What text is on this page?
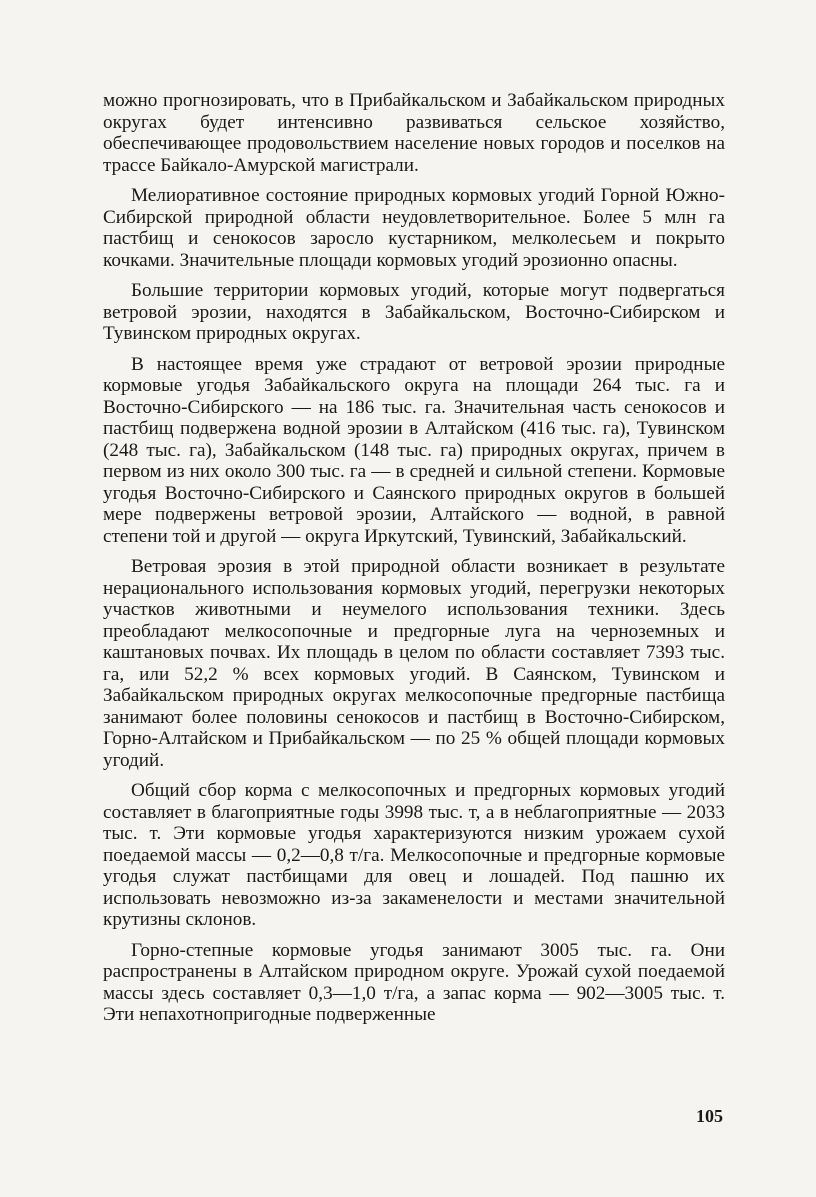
можно прогнозировать, что в Прибайкальском и Забайкальском природных округах будет интенсивно развиваться сельское хозяйство, обеспечивающее продовольствием население новых городов и поселков на трассе Байкало-Амурской магистрали.

Мелиоративное состояние природных кормовых угодий Горной Южно-Сибирской природной области неудовлетворительное. Более 5 млн га пастбищ и сенокосов заросло кустарником, мелколесьем и покрыто кочками. Значительные площади кормовых угодий эрозионно опасны.

Большие территории кормовых угодий, которые могут подвергаться ветровой эрозии, находятся в Забайкальском, Восточно-Сибирском и Тувинском природных округах.

В настоящее время уже страдают от ветровой эрозии природные кормовые угодья Забайкальского округа на площади 264 тыс. га и Восточно-Сибирского — на 186 тыс. га. Значительная часть сенокосов и пастбищ подвержена водной эрозии в Алтайском (416 тыс. га), Тувинском (248 тыс. га), Забайкальском (148 тыс. га) природных округах, причем в первом из них около 300 тыс. га — в средней и сильной степени. Кормовые угодья Восточно-Сибирского и Саянского природных округов в большей мере подвержены ветровой эрозии, Алтайского — водной, в равной степени той и другой — округа Иркутский, Тувинский, Забайкальский.

Ветровая эрозия в этой природной области возникает в результате нерационального использования кормовых угодий, перегрузки некоторых участков животными и неумелого использования техники. Здесь преобладают мелкосопочные и предгорные луга на черноземных и каштановых почвах. Их площадь в целом по области составляет 7393 тыс. га, или 52,2 % всех кормовых угодий. В Саянском, Тувинском и Забайкальском природных округах мелкосопочные предгорные пастбища занимают более половины сенокосов и пастбищ в Восточно-Сибирском, Горно-Алтайском и Прибайкальском — по 25 % общей площади кормовых угодий.

Общий сбор корма с мелкосопочных и предгорных кормовых угодий составляет в благоприятные годы 3998 тыс. т, а в неблагоприятные — 2033 тыс. т. Эти кормовые угодья характеризуются низким урожаем сухой поедаемой массы — 0,2—0,8 т/га. Мелкосопочные и предгорные кормовые угодья служат пастбищами для овец и лошадей. Под пашню их использовать невозможно из-за закаменелости и местами значительной крутизны склонов.

Горно-степные кормовые угодья занимают 3005 тыс. га. Они распространены в Алтайском природном округе. Урожай сухой поедаемой массы здесь составляет 0,3—1,0 т/га, а запас корма — 902—3005 тыс. т. Эти непахотнопригодные подверженные

105
